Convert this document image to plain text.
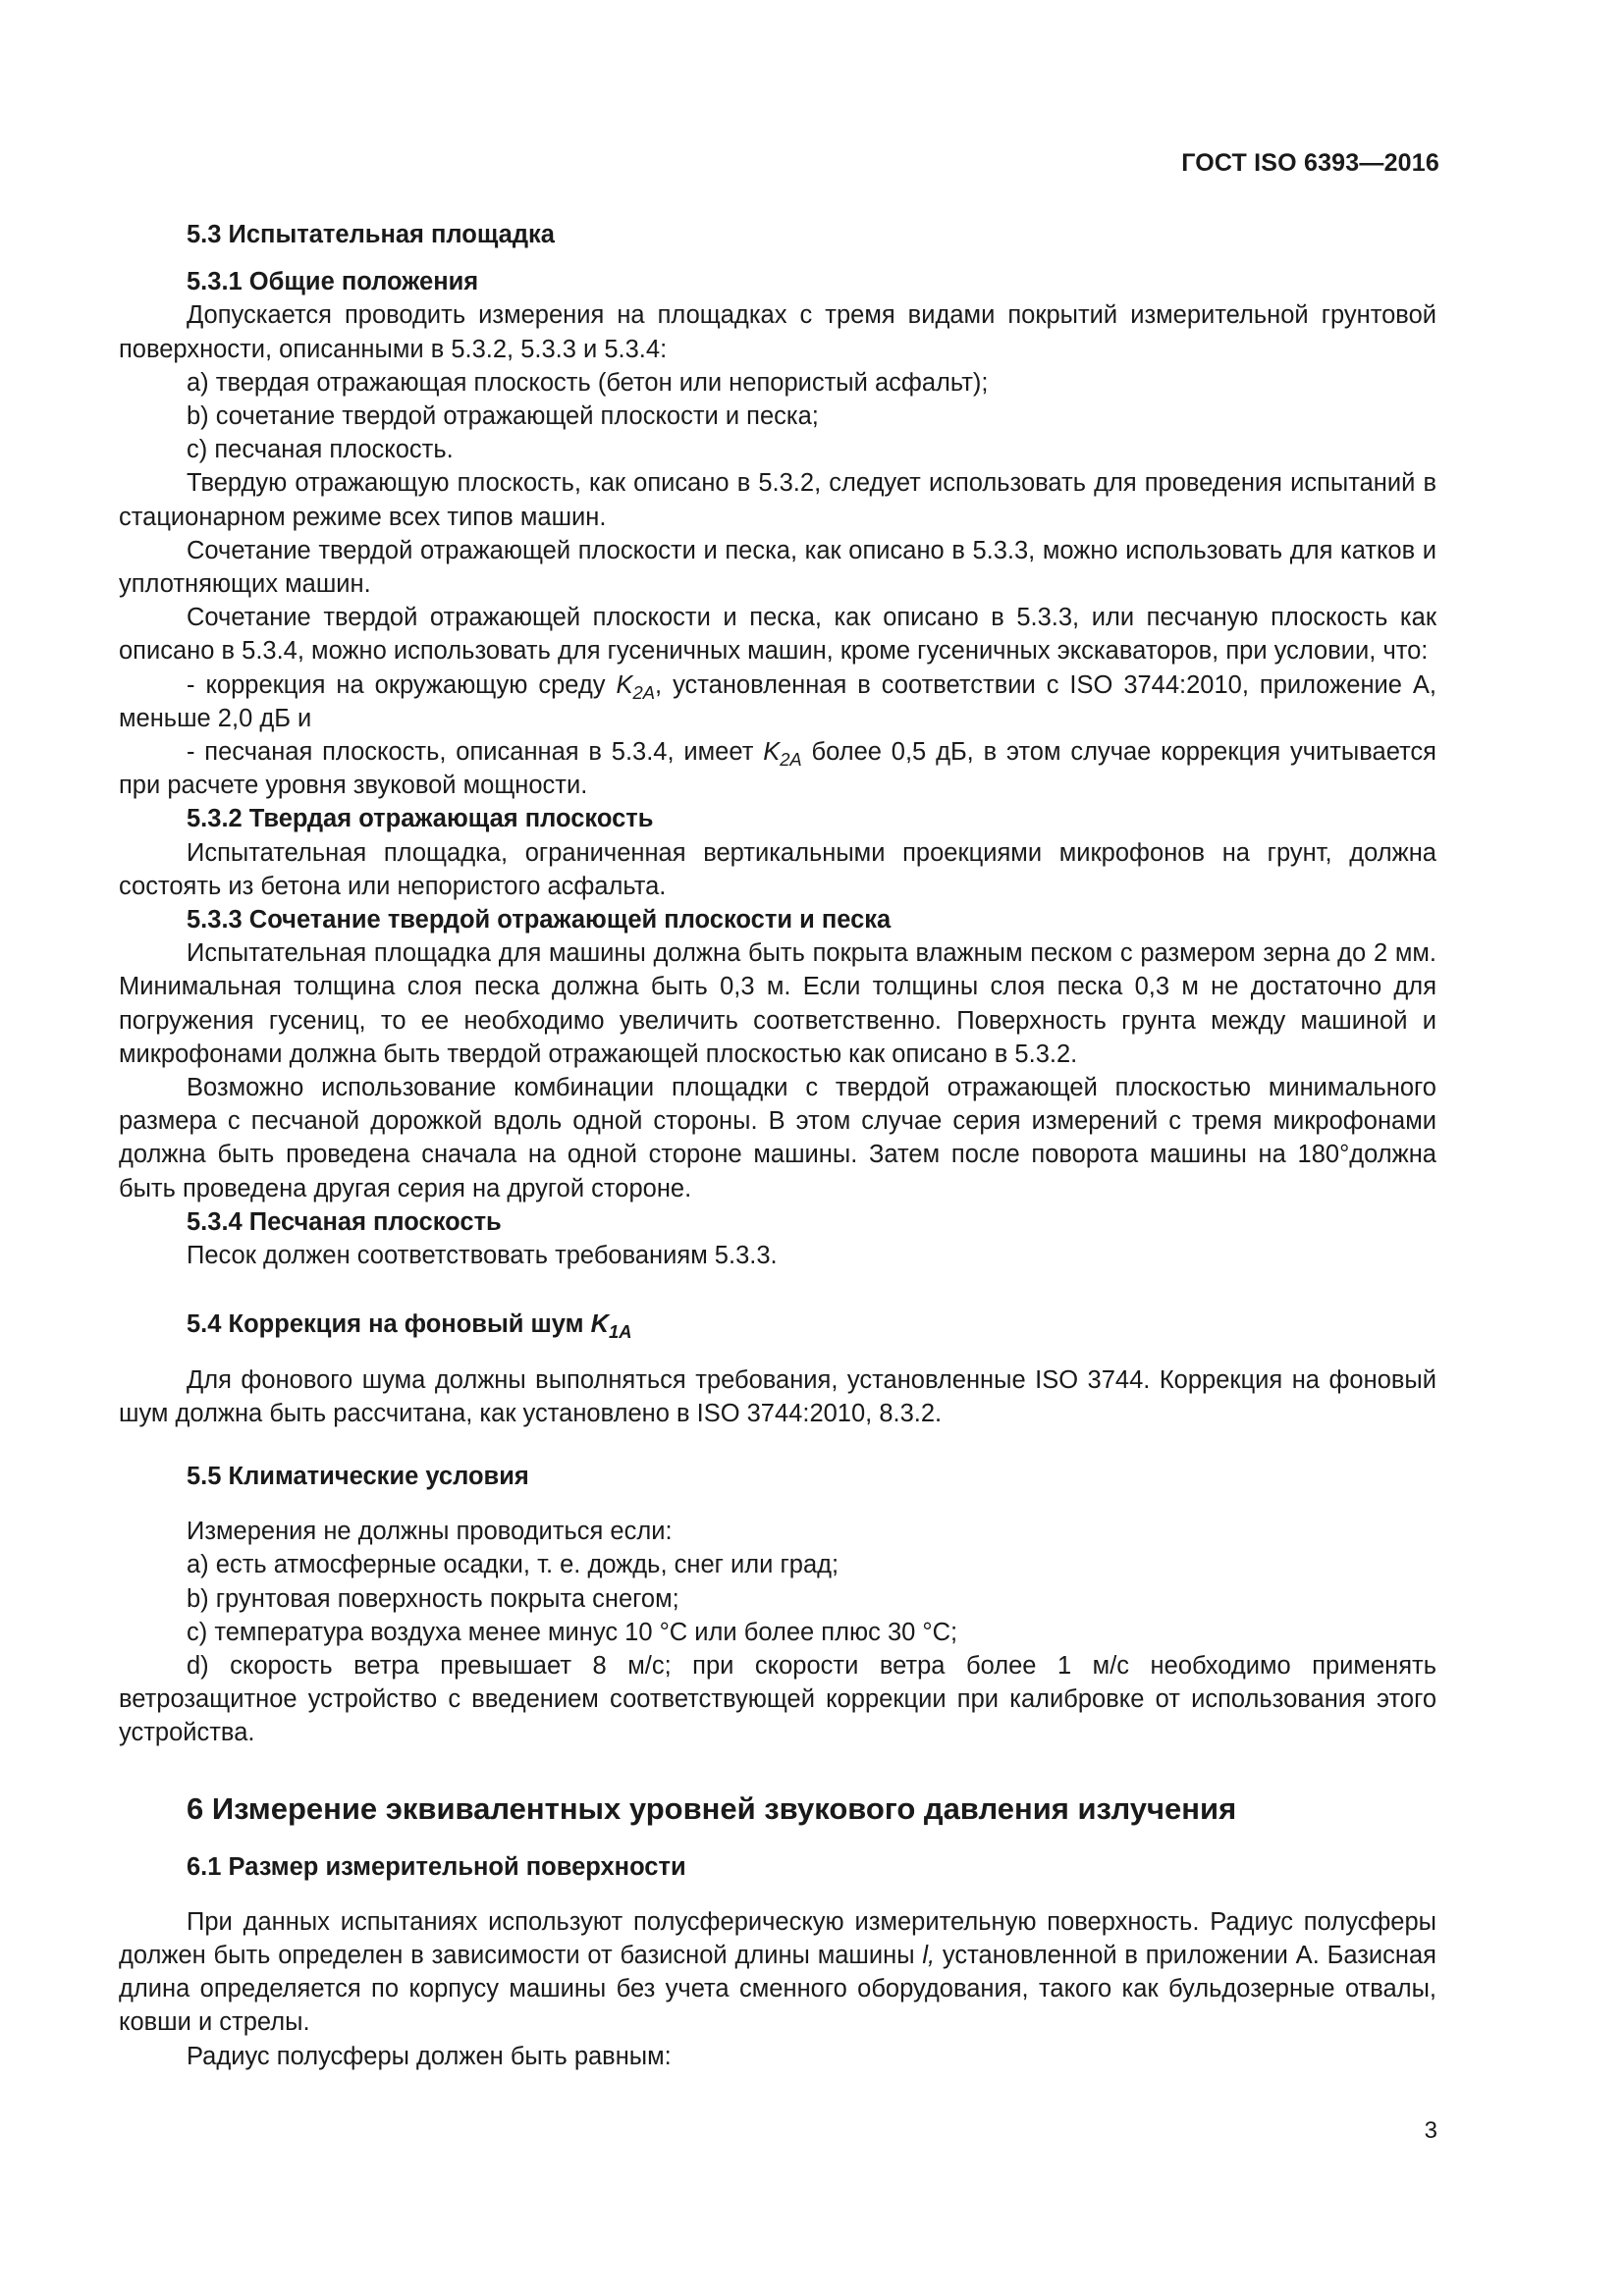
ГОСТ ISO 6393—2016

5.3 Испытательная площадка

5.3.1 Общие положения

Допускается проводить измерения на площадках с тремя видами покрытий измерительной грунтовой поверхности, описанными в 5.3.2, 5.3.3 и 5.3.4:

a) твердая отражающая плоскость (бетон или непористый асфальт);

b) сочетание твердой отражающей плоскости и песка;

c) песчаная плоскость.

Твердую отражающую плоскость, как описано в 5.3.2, следует использовать для проведения испытаний в стационарном режиме всех типов машин.

Сочетание твердой отражающей плоскости и песка, как описано в 5.3.3, можно использовать для катков и уплотняющих машин.

Сочетание твердой отражающей плоскости и песка, как описано в 5.3.3, или песчаную плоскость как описано в 5.3.4, можно использовать для гусеничных машин, кроме гусеничных экскаваторов, при условии, что:

- коррекция на окружающую среду $K_{2A}$, установленная в соответствии с ISO 3744:2010, приложение А, меньше 2,0 дБ и

- песчаная плоскость, описанная в 5.3.4, имеет $K_{2A}$ более 0,5 дБ, в этом случае коррекция учитывается при расчете уровня звуковой мощности.

5.3.2 Твердая отражающая плоскость

Испытательная площадка, ограниченная вертикальными проекциями микрофонов на грунт, должна состоять из бетона или непористого асфальта.

5.3.3 Сочетание твердой отражающей плоскости и песка

Испытательная площадка для машины должна быть покрыта влажным песком с размером зерна до 2 мм. Минимальная толщина слоя песка должна быть 0,3 м. Если толщины слоя песка 0,3 м не достаточно для погружения гусениц, то ее необходимо увеличить соответственно. Поверхность грунта между машиной и микрофонами должна быть твердой отражающей плоскостью как описано в 5.3.2.

Возможно использование комбинации площадки с твердой отражающей плоскостью минимального размера с песчаной дорожкой вдоль одной стороны. В этом случае серия измерений с тремя микрофонами должна быть проведена сначала на одной стороне машины. Затем после поворота машины на 180°должна быть проведена другая серия на другой стороне.

5.3.4 Песчаная плоскость

Песок должен соответствовать требованиям 5.3.3.

5.4 Коррекция на фоновый шум $K_{1A}$

Для фонового шума должны выполняться требования, установленные ISO 3744. Коррекция на фоновый шум должна быть рассчитана, как установлено в ISO 3744:2010, 8.3.2.

5.5 Климатические условия

Измерения не должны проводиться если:

a) есть атмосферные осадки, т. е. дождь, снег или град;

b) грунтовая поверхность покрыта снегом;

c) температура воздуха менее минус 10 °С или более плюс 30 °С;

d) скорость ветра превышает 8 м/с; при скорости ветра более 1 м/с необходимо применять ветрозащитное устройство с введением соответствующей коррекции при калибровке от использования этого устройства.

6 Измерение эквивалентных уровней звукового давления излучения

6.1 Размер измерительной поверхности

При данных испытаниях используют полусферическую измерительную поверхность. Радиус полусферы должен быть определен в зависимости от базисной длины машины l, установленной в приложении А. Базисная длина определяется по корпусу машины без учета сменного оборудования, такого как бульдозерные отвалы, ковши и стрелы.

Радиус полусферы должен быть равным:

3
